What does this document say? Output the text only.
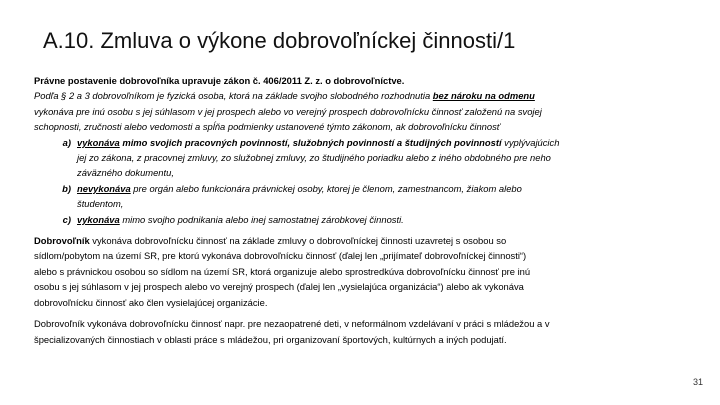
A.10. Zmluva o výkone dobrovoľníckej činnosti/1
Právne postavenie dobrovoľníka upravuje zákon č. 406/2011 Z. z. o dobrovoľníctve.
Podľa § 2 a 3 dobrovoľníkom je fyzická osoba, ktorá na základe svojho slobodného rozhodnutia bez nároku na odmenu
vykonáva pre inú osobu s jej súhlasom v jej prospech alebo vo verejný prospech dobrovoľnícku činnosť založenú na svojej
schopnosti, zručnosti alebo vedomosti a spĺňa podmienky ustanovené týmto zákonom, ak dobrovoľnícku činnosť
a) vykonáva mimo svojich pracovných povinností, služobných povinností a študijných povinností vyplývajúcich
jej zo zákona, z pracovnej zmluvy, zo služobnej zmluvy, zo študijného poriadku alebo z iného obdobného pre neho
záväzného dokumentu,
b) nevykonáva pre orgán alebo funkcionára právnickej osoby, ktorej je členom, zamestnancom, žiakom alebo
študentom,
c) vykonáva mimo svojho podnikania alebo inej samostatnej zárobkovej činnosti.
Dobrovoľník vykonáva dobrovoľnícku činnosť na základe zmluvy o dobrovoľníckej činnosti uzavretej s osobou so
sídlom/pobytom na území SR, pre ktorú vykonáva dobrovoľnícku činnosť (ďalej len „prijímateľ dobrovoľníckej činnosti“)
alebo s právnickou osobou so sídlom na území SR, ktorá organizuje alebo sprostredkúva dobrovoľnícku činnosť pre inú
osobu s jej súhlasom v jej prospech alebo vo verejný prospech (ďalej len „vysielajúca organizácia“) alebo ak vykonáva
dobrovoľnícku činnosť ako člen vysielajúcej organizácie.
Dobrovoľník vykonáva dobrovoľnícku činnosť napr. pre nezaopatrené deti, v neformálnom vzdelávaní v práci s mládežou a v
špecializovaných činnostiach v oblasti práce s mládežou, pri organizovaní športových, kultúrnych a iných podujatí.
31
